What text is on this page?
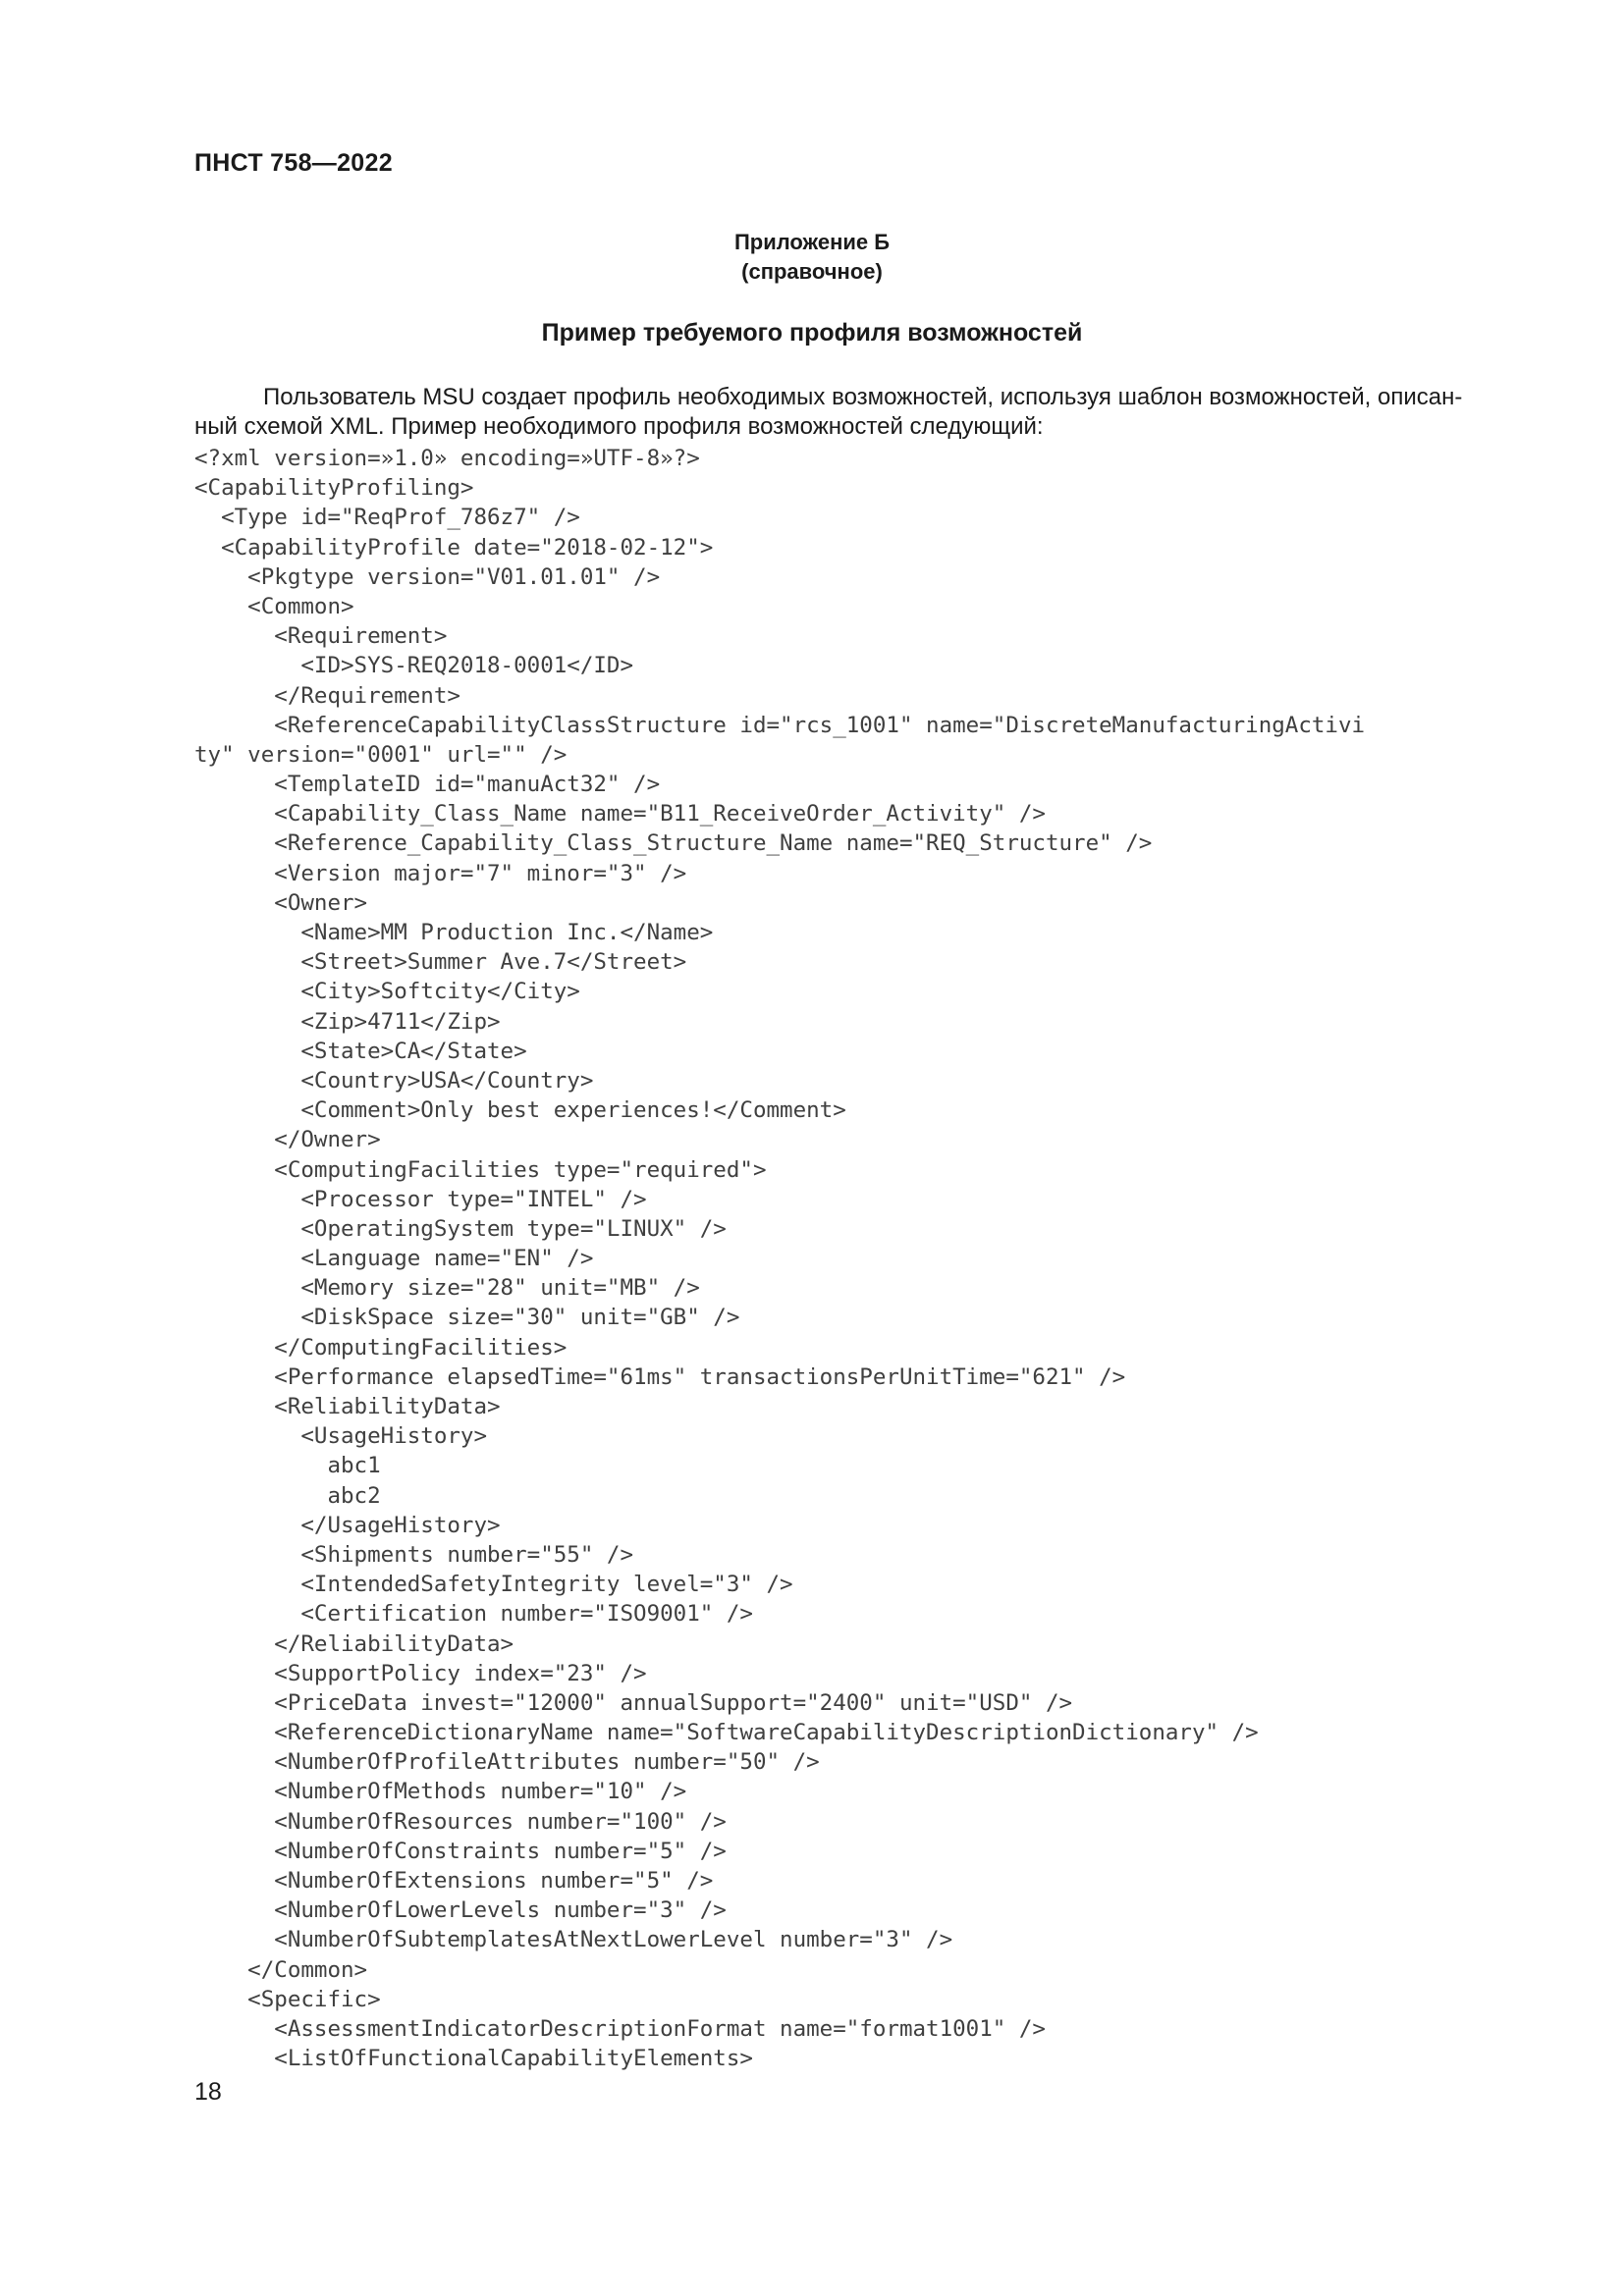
ПНСТ 758—2022
Приложение Б
(справочное)
Пример требуемого профиля возможностей
Пользователь MSU создает профиль необходимых возможностей, используя шаблон возможностей, описан-
ный схемой XML. Пример необходимого профиля возможностей следующий:
<?xml version=»1.0» encoding=»UTF-8»?>
<CapabilityProfiling>
<Type id="ReqProf_786z7" />
<CapabilityProfile date="2018-02-12">
<Pkgtype version="V01.01.01" />
<Common>
<Requirement>
<ID>SYS-REQ2018-0001</ID>
</Requirement>
<ReferenceCapabilityClassStructure id="rcs_1001" name="DiscreteManufacturingActivi
ty" version="0001" url="" />
<TemplateID id="manuAct32" />
<Capability_Class_Name name="B11_ReceiveOrder_Activity" />
<Reference_Capability_Class_Structure_Name name="REQ_Structure" />
<Version major="7" minor="3" />
<Owner>
<Name>MM Production Inc.</Name>
<Street>Summer Ave.7</Street>
<City>Softcity</City>
<Zip>4711</Zip>
<State>CA</State>
<Country>USA</Country>
<Comment>Only best experiences!</Comment>
</Owner>
<ComputingFacilities type="required">
<Processor type="INTEL" />
<OperatingSystem type="LINUX" />
<Language name="EN" />
<Memory size="28" unit="MB" />
<DiskSpace size="30" unit="GB" />
</ComputingFacilities>
<Performance elapsedTime="61ms" transactionsPerUnitTime="621" />
<ReliabilityData>
<UsageHistory>
abc1
abc2
</UsageHistory>
<Shipments number="55" />
<IntendedSafetyIntegrity level="3" />
<Certification number="ISO9001" />
</ReliabilityData>
<SupportPolicy index="23" />
<PriceData invest="12000" annualSupport="2400" unit="USD" />
<ReferenceDictionaryName name="SoftwareCapabilityDescriptionDictionary" />
<NumberOfProfileAttributes number="50" />
<NumberOfMethods number="10" />
<NumberOfResources number="100" />
<NumberOfConstraints number="5" />
<NumberOfExtensions number="5" />
<NumberOfLowerLevels number="3" />
<NumberOfSubtemplatesAtNextLowerLevel number="3" />
</Common>
<Specific>
<AssessmentIndicatorDescriptionFormat name="format1001" />
<ListOfFunctionalCapabilityElements>
18
